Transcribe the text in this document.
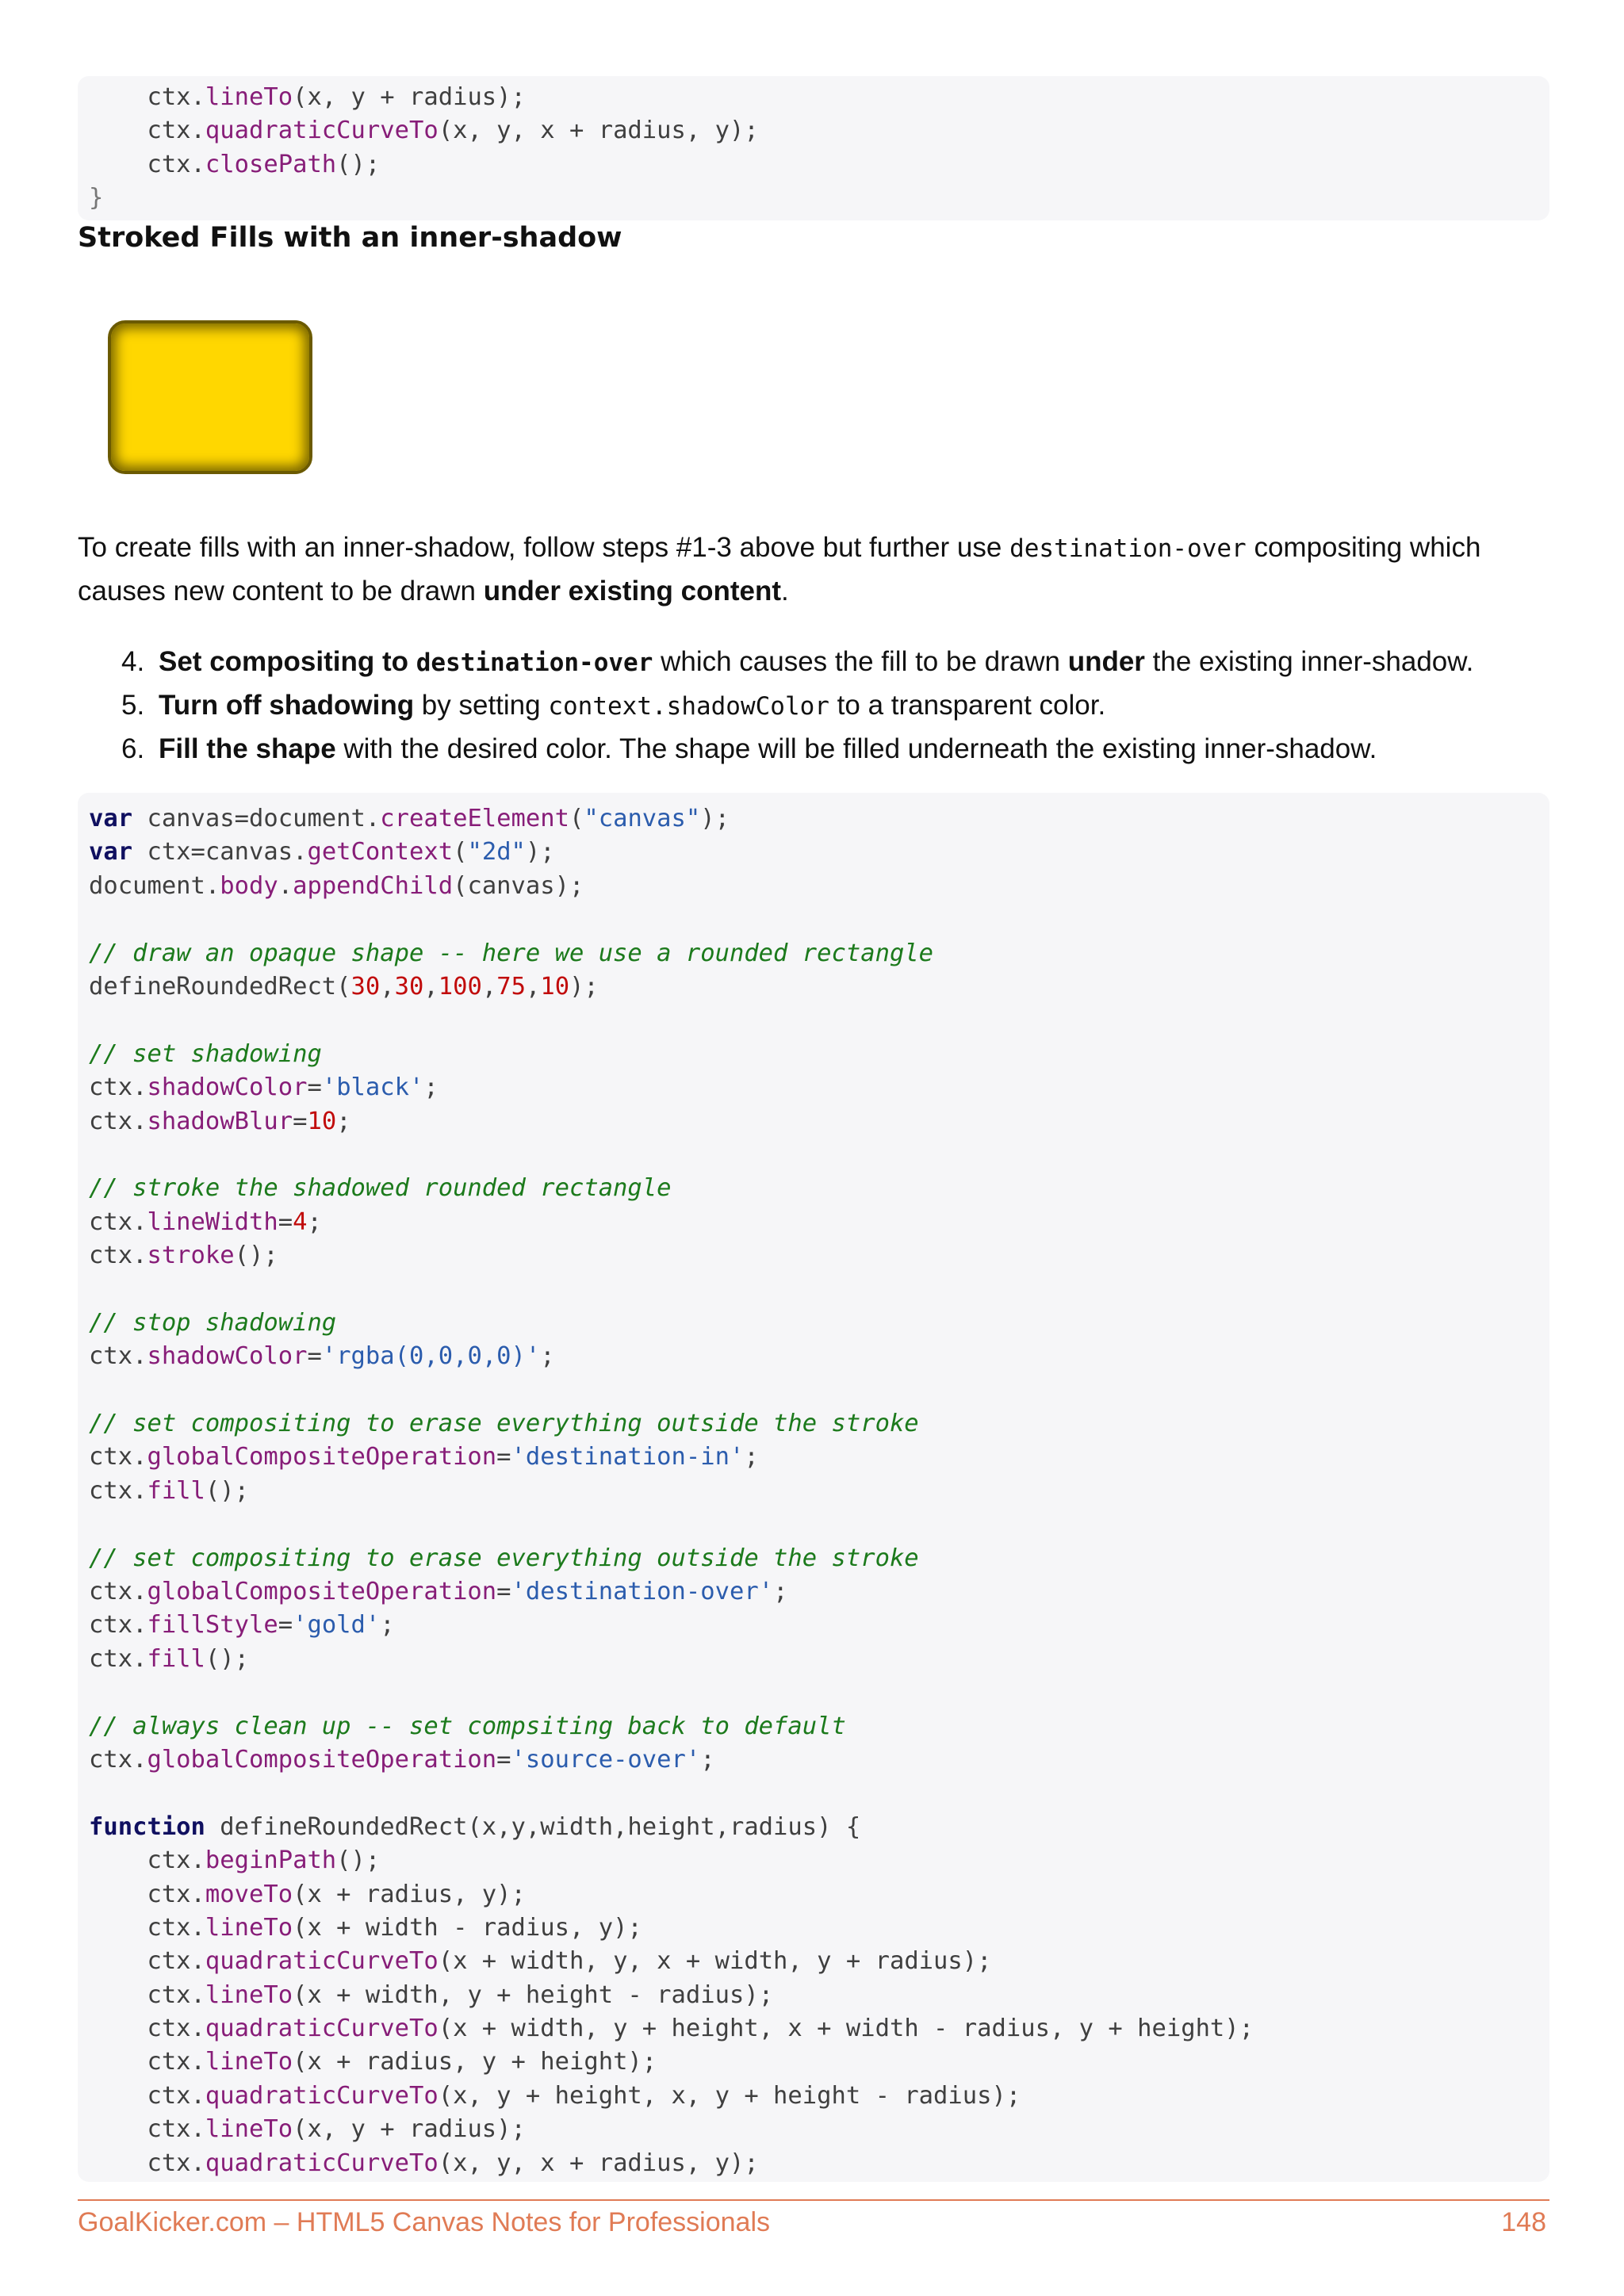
ctx.lineTo(x, y + radius);
ctx.quadraticCurveTo(x, y, x + radius, y);
ctx.closePath();
}
Stroked Fills with an inner-shadow

To create fills with an inner-shadow, follow steps #1-3 above but further use destination-over compositing which causes new content to be drawn under existing content.

4. Set compositing to destination-over which causes the fill to be drawn under the existing inner-shadow.
5. Turn off shadowing by setting context.shadowColor to a transparent color.
6. Fill the shape with the desired color. The shape will be filled underneath the existing inner-shadow.
var canvas=document.createElement("canvas");
var ctx=canvas.getContext("2d");
document.body.appendChild(canvas);

// draw an opaque shape -- here we use a rounded rectangle
defineRoundedRect(30,30,100,75,10);

// set shadowing
ctx.shadowColor='black';
ctx.shadowBlur=10;

// stroke the shadowed rounded rectangle
ctx.lineWidth=4;
ctx.stroke();

// stop shadowing
ctx.shadowColor='rgba(0,0,0,0)';

// set compositing to erase everything outside the stroke
ctx.globalCompositeOperation='destination-in';
ctx.fill();

// set compositing to erase everything outside the stroke
ctx.globalCompositeOperation='destination-over';
ctx.fillStyle='gold';
ctx.fill();

// always clean up -- set compsiting back to default
ctx.globalCompositeOperation='source-over';

function defineRoundedRect(x,y,width,height,radius) {
ctx.beginPath();
ctx.moveTo(x + radius, y);
ctx.lineTo(x + width - radius, y);
ctx.quadraticCurveTo(x + width, y, x + width, y + radius);
ctx.lineTo(x + width, y + height - radius);
ctx.quadraticCurveTo(x + width, y + height, x + width - radius, y + height);
ctx.lineTo(x + radius, y + height);
ctx.quadraticCurveTo(x, y + height, x, y + height - radius);
ctx.lineTo(x, y + radius);
ctx.quadraticCurveTo(x, y, x + radius, y);
GoalKicker.com – HTML5 Canvas Notes for Professionals	148
